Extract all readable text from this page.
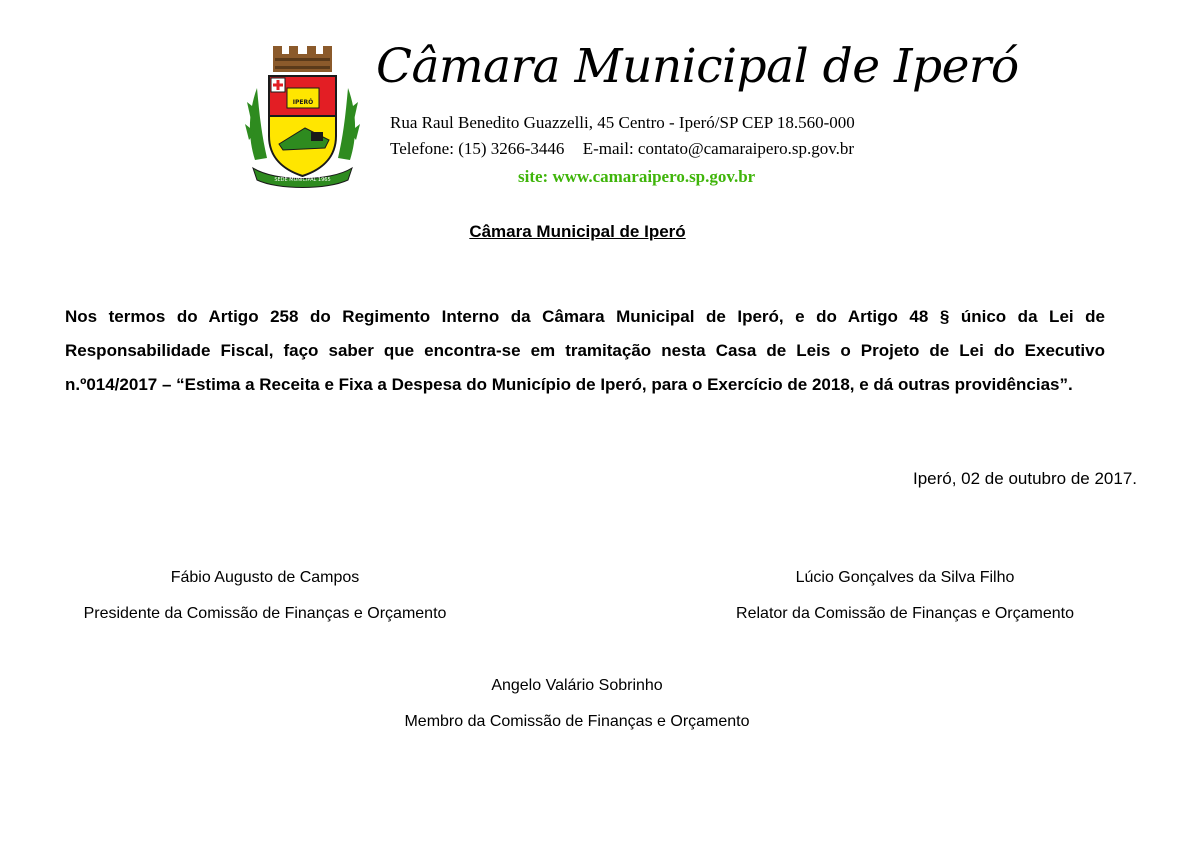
IPERÓ
SEDE MUNICIPAL 1965
Câmara Municipal de Iperó

Rua Raul Benedito Guazzelli, 45 Centro - Iperó/SP CEP 18.560-000

Telefone: (15) 3266-3446 E-mail: contato@camaraipero.sp.gov.br

site: www.camaraipero.sp.gov.br

Câmara Municipal de Iperó

Nos termos do Artigo 258 do Regimento Interno da Câmara Municipal de Iperó, e do Artigo 48 § único da Lei de Responsabilidade Fiscal, faço saber que encontra-se em tramitação nesta Casa de Leis o Projeto de Lei do Executivo n.º014/2017 – “Estima a Receita e Fixa a Despesa do Município de Iperó, para o Exercício de 2018, e dá outras providências”.

Iperó, 02 de outubro de 2017.

Fábio Augusto de Campos

Presidente da Comissão de Finanças e Orçamento

Lúcio Gonçalves da Silva Filho

Relator da Comissão de Finanças e Orçamento

Angelo Valário Sobrinho

Membro da Comissão de Finanças e Orçamento
